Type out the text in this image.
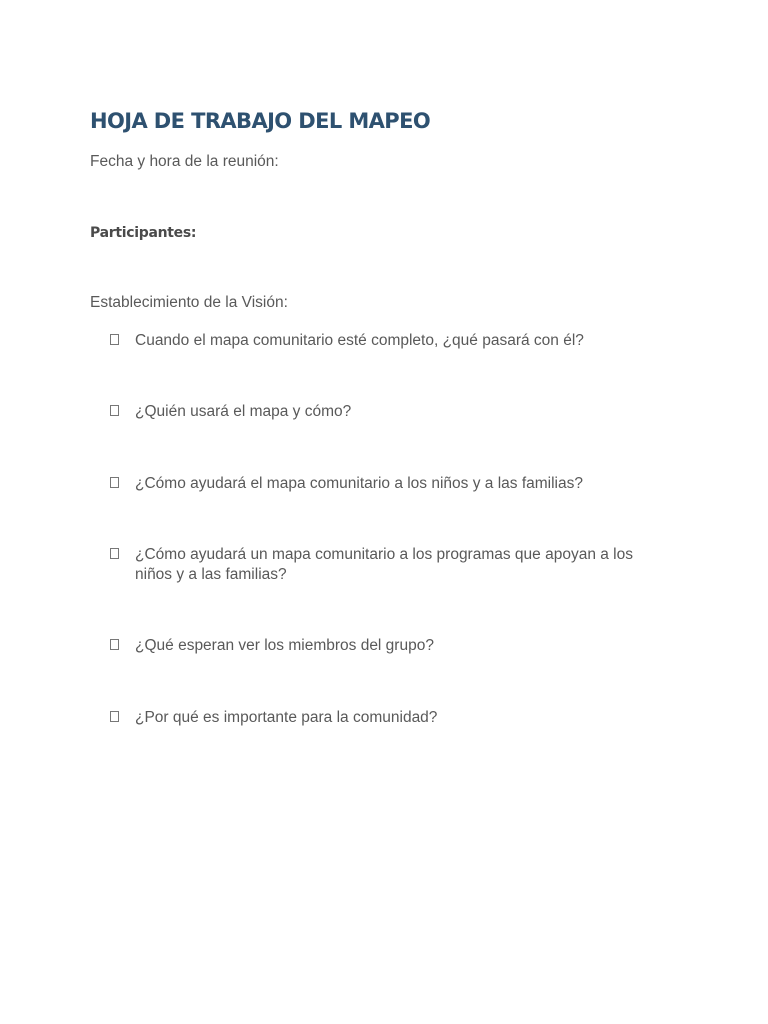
HOJA DE TRABAJO DEL MAPEO
Fecha y hora de la reunión:
Participantes:
Establecimiento de la Visión:
Cuando el mapa comunitario esté completo, ¿qué pasará con él?
¿Quién usará el mapa y cómo?
¿Cómo ayudará el mapa comunitario a los niños y a las familias?
¿Cómo ayudará un mapa comunitario a los programas que apoyan a los niños y a las familias?
¿Qué esperan ver los miembros del grupo?
¿Por qué es importante para la comunidad?
